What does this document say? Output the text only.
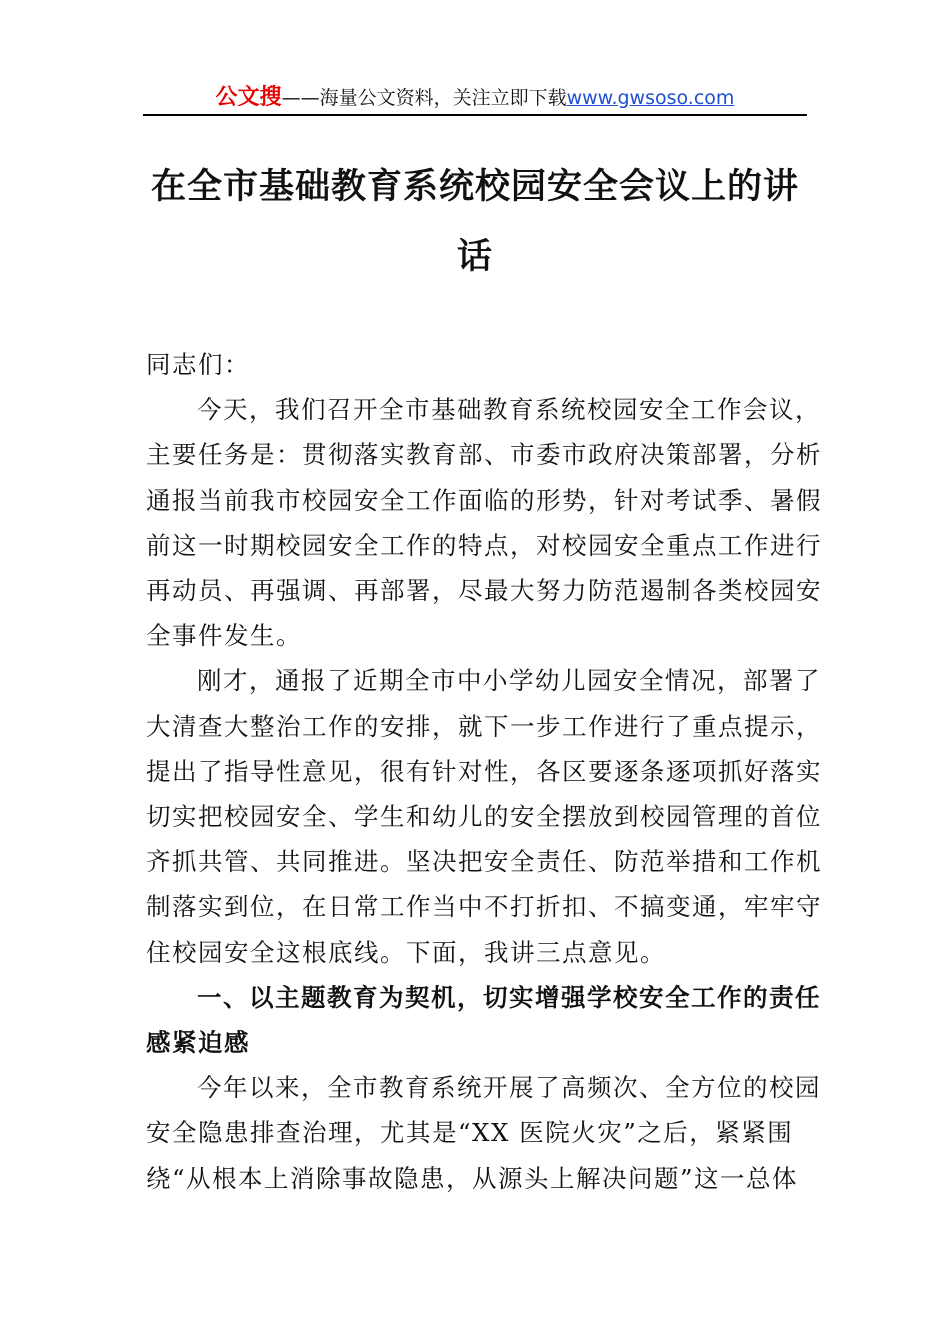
公文搜——海量公文资料，关注立即下载www.gwsoso.com
在全市基础教育系统校园安全会议上的讲
话
同志们：
今天，我们召开全市基础教育系统校园安全工作会议，
主要任务是：贯彻落实教育部、市委市政府决策部署，分析
通报当前我市校园安全工作面临的形势，针对考试季、暑假
前这一时期校园安全工作的特点，对校园安全重点工作进行
再动员、再强调、再部署，尽最大努力防范遏制各类校园安
全事件发生。
刚才，通报了近期全市中小学幼儿园安全情况，部署了
大清查大整治工作的安排，就下一步工作进行了重点提示，
提出了指导性意见，很有针对性，各区要逐条逐项抓好落实
切实把校园安全、学生和幼儿的安全摆放到校园管理的首位
齐抓共管、共同推进。坚决把安全责任、防范举措和工作机
制落实到位，在日常工作当中不打折扣、不搞变通，牢牢守
住校园安全这根底线。下面，我讲三点意见。
一、以主题教育为契机，切实增强学校安全工作的责任
感紧迫感
今年以来，全市教育系统开展了高频次、全方位的校园
安全隐患排查治理，尤其是“XX 医院火灾”之后，紧紧围
绕“从根本上消除事故隐患，从源头上解决问题”这一总体
